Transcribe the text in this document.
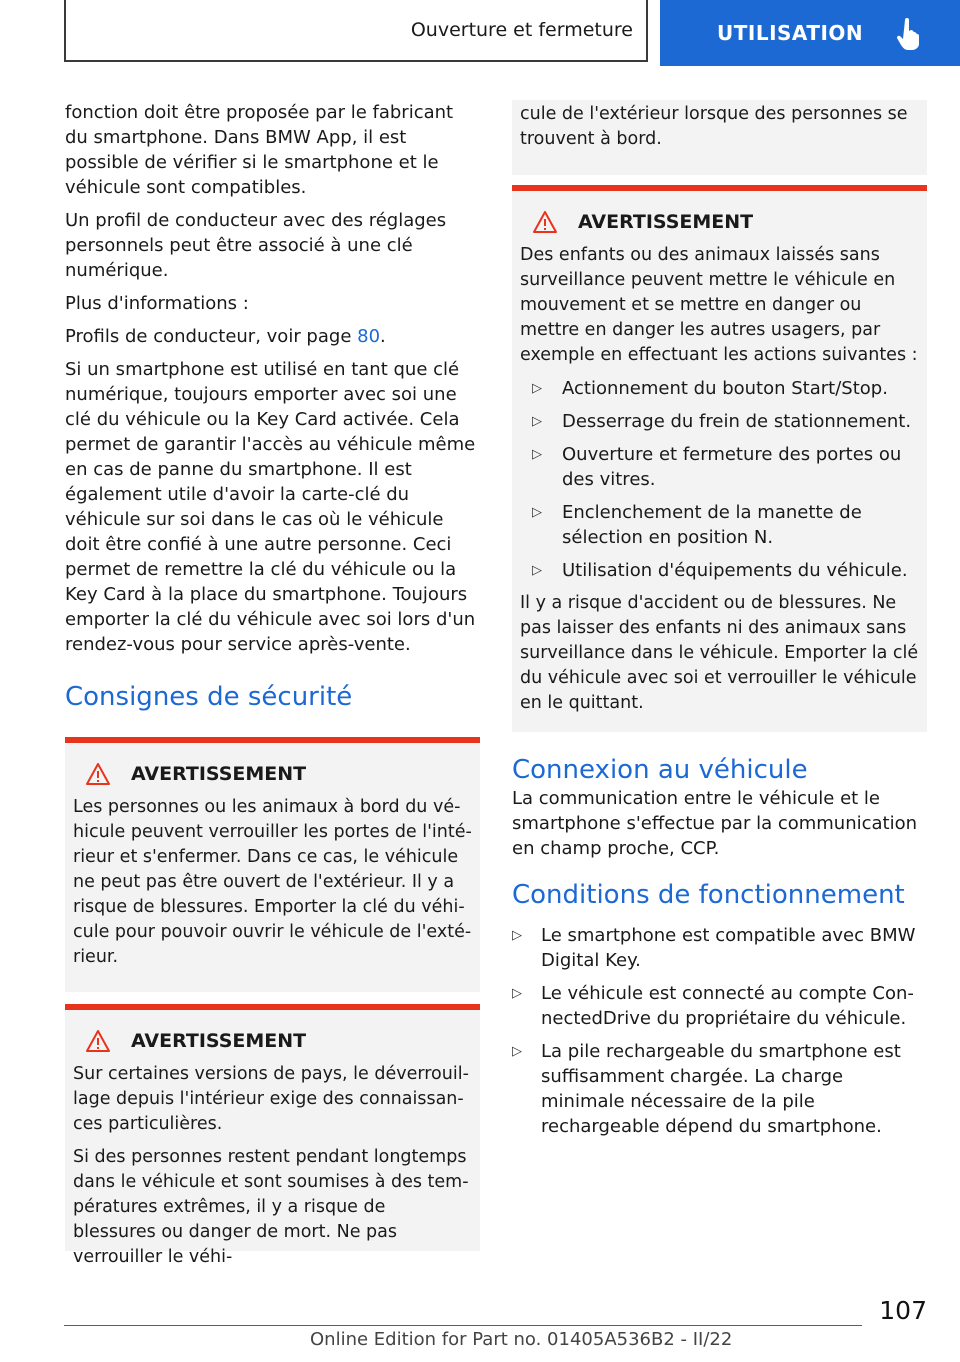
Ouverture et fermeture	UTILISATION

fonction doit être proposée par le fabricant du smartphone. Dans BMW App, il est possible de vérifier si le smartphone et le véhicule sont compatibles.

Un profil de conducteur avec des réglages personnels peut être associé à une clé numérique.

Plus d'informations :

Profils de conducteur, voir page 80.

Si un smartphone est utilisé en tant que clé numérique, toujours emporter avec soi une clé du véhicule ou la Key Card activée. Cela permet de garantir l'accès au véhicule même en cas de panne du smartphone. Il est également utile d'avoir la carte-clé du véhicule sur soi dans le cas où le véhicule doit être confié à une autre personne. Ceci permet de remettre la clé du véhicule ou la Key Card à la place du smartphone. Toujours emporter la clé du véhicule avec soi lors d'un rendez-vous pour service après-vente.

Consignes de sécurité
AVERTISSEMENT

Les personnes ou les animaux à bord du véhicule peuvent verrouiller les portes de l'intérieur et s'enfermer. Dans ce cas, le véhicule ne peut pas être ouvert de l'extérieur. Il y a risque de blessures. Emporter la clé du véhicule pour pouvoir ouvrir le véhicule de l'extérieur.

AVERTISSEMENT

Sur certaines versions de pays, le déverrouillage depuis l'intérieur exige des connaissances particulières.

Si des personnes restent pendant longtemps dans le véhicule et sont soumises à des températures extrêmes, il y a risque de blessures ou danger de mort. Ne pas verrouiller le véhi-

cule de l'extérieur lorsque des personnes se trouvent à bord.

AVERTISSEMENT

Des enfants ou des animaux laissés sans surveillance peuvent mettre le véhicule en mouvement et se mettre en danger ou mettre en danger les autres usagers, par exemple en effectuant les actions suivantes :

▷ Actionnement du bouton Start/Stop.
▷ Desserrage du frein de stationnement.
▷ Ouverture et fermeture des portes ou des vitres.
▷ Enclenchement de la manette de sélection en position N.
▷ Utilisation d'équipements du véhicule.

Il y a risque d'accident ou de blessures. Ne pas laisser des enfants ni des animaux sans surveillance dans le véhicule. Emporter la clé du véhicule avec soi et verrouiller le véhicule en le quittant.

Connexion au véhicule

La communication entre le véhicule et le smartphone s'effectue par la communication en champ proche, CCP.

Conditions de fonctionnement
▷ Le smartphone est compatible avec BMW Digital Key.
▷ Le véhicule est connecté au compte ConnectedDrive du propriétaire du véhicule.
▷ La pile rechargeable du smartphone est suffisamment chargée. La charge minimale nécessaire de la pile rechargeable dépend du smartphone.
107
Online Edition for Part no. 01405A536B2 - II/22
